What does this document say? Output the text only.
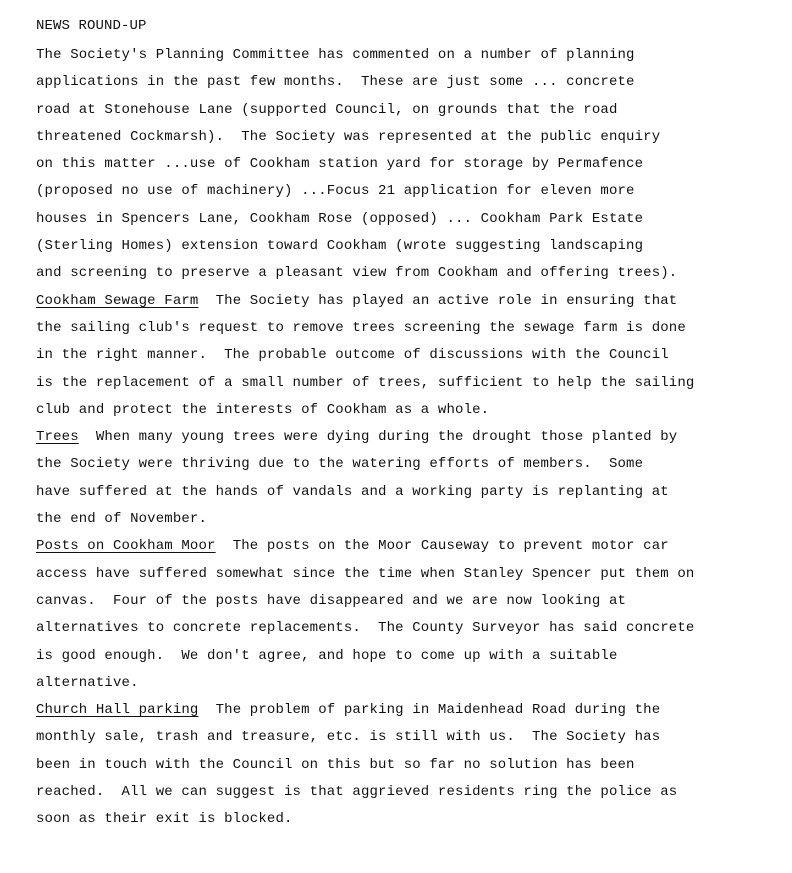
NEWS ROUND-UP
The Society's Planning Committee has commented on a number of planning
applications in the past few months.  These are just some ... concrete
road at Stonehouse Lane (supported Council, on grounds that the road
threatened Cockmarsh).  The Society was represented at the public enquiry
on this matter ...use of Cookham station yard for storage by Permafence
(proposed no use of machinery) ...Focus 21 application for eleven more
houses in Spencers Lane, Cookham Rose (opposed) ... Cookham Park Estate
(Sterling Homes) extension toward Cookham (wrote suggesting landscaping
and screening to preserve a pleasant view from Cookham and offering trees).
Cookham Sewage Farm  The Society has played an active role in ensuring that
the sailing club's request to remove trees screening the sewage farm is done
in the right manner.  The probable outcome of discussions with the Council
is the replacement of a small number of trees, sufficient to help the sailing
club and protect the interests of Cookham as a whole.
Trees  When many young trees were dying during the drought those planted by
the Society were thriving due to the watering efforts of members.  Some
have suffered at the hands of vandals and a working party is replanting at
the end of November.
Posts on Cookham Moor  The posts on the Moor Causeway to prevent motor car
access have suffered somewhat since the time when Stanley Spencer put them on
canvas.  Four of the posts have disappeared and we are now looking at
alternatives to concrete replacements.  The County Surveyor has said concrete
is good enough.  We don't agree, and hope to come up with a suitable
alternative.
Church Hall parking  The problem of parking in Maidenhead Road during the
monthly sale, trash and treasure, etc. is still with us.  The Society has
been in touch with the Council on this but so far no solution has been
reached.  All we can suggest is that aggrieved residents ring the police as
soon as their exit is blocked.
